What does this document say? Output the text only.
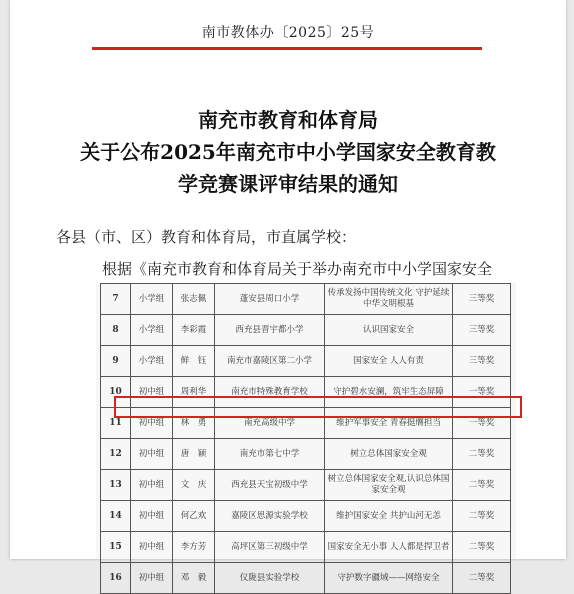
南市教体办〔2025〕25号
南充市教育和体育局
关于公布2025年南充市中小学国家安全教育教
学竞赛课评审结果的通知
各县（市、区）教育和体育局，市直属学校：
根据《南充市教育和体育局关于举办南充市中小学国家安全
7	小学组	张志佩	蓬安县周口小学	传承发扬中国传统文化 守护延续中华文明根基	三等奖
8	小学组	李彩霞	西充县晋宇都小学	认识国家安全	三等奖
9	小学组	鲜　钰	南充市嘉陵区第二小学	国家安全 人人有责	三等奖
10	初中组	周利华	南充市特殊教育学校	守护碧水安澜，筑牢生态屏障	一等奖
11	初中组	林　勇	南充高级中学	维护军事安全 青春挺膺担当	一等奖
12	初中组	唐　颖	南充市第七中学	树立总体国家安全观	二等奖
13	初中组	文　庆	西充县天宝初级中学	树立总体国家安全观,认识总体国家安全观	二等奖
14	初中组	何乙欢	嘉陵区思源实验学校	维护国家安全 共护山河无恙	二等奖
15	初中组	李方芳	高坪区第三初级中学	国家安全无小事 人人都是捍卫者	二等奖
16	初中组	邓　毅	仪陇县实验学校	守护数字疆域——网络安全	二等奖
